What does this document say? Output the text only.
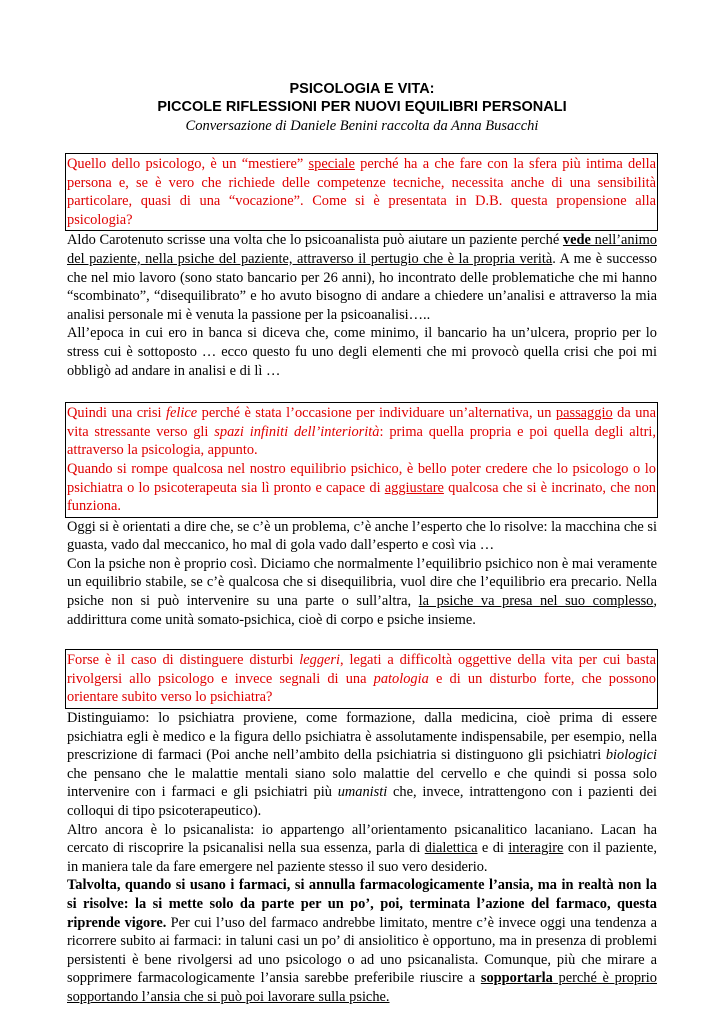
PSICOLOGIA E VITA:

PICCOLE RIFLESSIONI PER NUOVI EQUILIBRI PERSONALI

Conversazione di Daniele Benini raccolta da Anna Busacchi

Quello dello psicologo, è un “mestiere” speciale perché ha a che fare con la sfera più intima della persona e, se è vero che richiede delle competenze tecniche, necessita anche di una sensibilità particolare, quasi di una “vocazione”. Come si è presentata in D.B. questa propensione alla psicologia?

Aldo Carotenuto scrisse una volta che lo psicoanalista può aiutare un paziente perché vede nell’animo del paziente, nella psiche del paziente, attraverso il pertugio che è la propria verità. A me è successo che nel mio lavoro (sono stato bancario per 26 anni), ho incontrato delle problematiche che mi hanno “scombinato”, “disequilibrato” e ho avuto bisogno di andare a chiedere un’analisi e attraverso la mia analisi personale mi è venuta la passione per la psicoanalisi…..

All’epoca in cui ero in banca si diceva che, come minimo, il bancario ha un’ulcera, proprio per lo stress cui è sottoposto … ecco questo fu uno degli elementi che mi provocò quella crisi che poi mi obbligò ad andare in analisi e di lì …

Quindi una crisi felice perché è stata l’occasione per individuare un’alternativa, un passaggio da una vita stressante verso gli spazi infiniti dell’interiorità: prima quella propria e poi quella degli altri, attraverso la psicologia, appunto.

Quando si rompe qualcosa nel nostro equilibrio psichico, è bello poter credere che lo psicologo o lo psichiatra o lo psicoterapeuta sia lì pronto e capace di aggiustare qualcosa che si è incrinato, che non funziona.

Oggi si è orientati a dire che, se c’è un problema, c’è anche l’esperto che lo risolve: la macchina che si guasta, vado dal meccanico, ho mal di gola vado dall’esperto e così via …

Con la psiche non è proprio così. Diciamo che normalmente l’equilibrio psichico non è mai veramente un equilibrio stabile, se c’è qualcosa che si disequilibria, vuol dire che l’equilibrio era precario. Nella psiche non si può intervenire su una parte o sull’altra, la psiche va presa nel suo complesso, addirittura come unità somato-psichica, cioè di corpo e psiche insieme.

Forse è il caso di distinguere disturbi leggeri, legati a difficoltà oggettive della vita per cui basta rivolgersi allo psicologo e invece segnali di una patologia e di un disturbo forte, che possono orientare subito verso lo psichiatra?

Distinguiamo: lo psichiatra proviene, come formazione, dalla medicina, cioè prima di essere psichiatra egli è medico e la figura dello psichiatra è assolutamente indispensabile, per esempio, nella prescrizione di farmaci (Poi anche nell’ambito della psichiatria si distinguono gli psichiatri biologici che pensano che le malattie mentali siano solo malattie del cervello e che quindi si possa solo intervenire con i farmaci e gli psichiatri più umanisti che, invece, intrattengono con i pazienti dei colloqui di tipo psicoterapeutico).

Altro ancora è lo psicanalista: io appartengo all’orientamento psicanalitico lacaniano. Lacan ha cercato di riscoprire la psicanalisi nella sua essenza, parla di dialettica e di interagire con il paziente, in maniera tale da fare emergere nel paziente stesso il suo vero desiderio.

Talvolta, quando si usano i farmaci, si annulla farmacologicamente l’ansia, ma in realtà non la si risolve: la si mette solo da parte per un po’, poi, terminata l’azione del farmaco, questa riprende vigore. Per cui l’uso del farmaco andrebbe limitato, mentre c’è invece oggi una tendenza a ricorrere subito ai farmaci: in taluni casi un po’ di ansiolitico è opportuno, ma in presenza di problemi persistenti è bene rivolgersi ad uno psicologo o ad uno psicanalista. Comunque, più che mirare a sopprimere farmacologicamente l’ansia sarebbe preferibile riuscire a sopportarla perché è proprio sopportando l’ansia che si può poi lavorare sulla psiche.
